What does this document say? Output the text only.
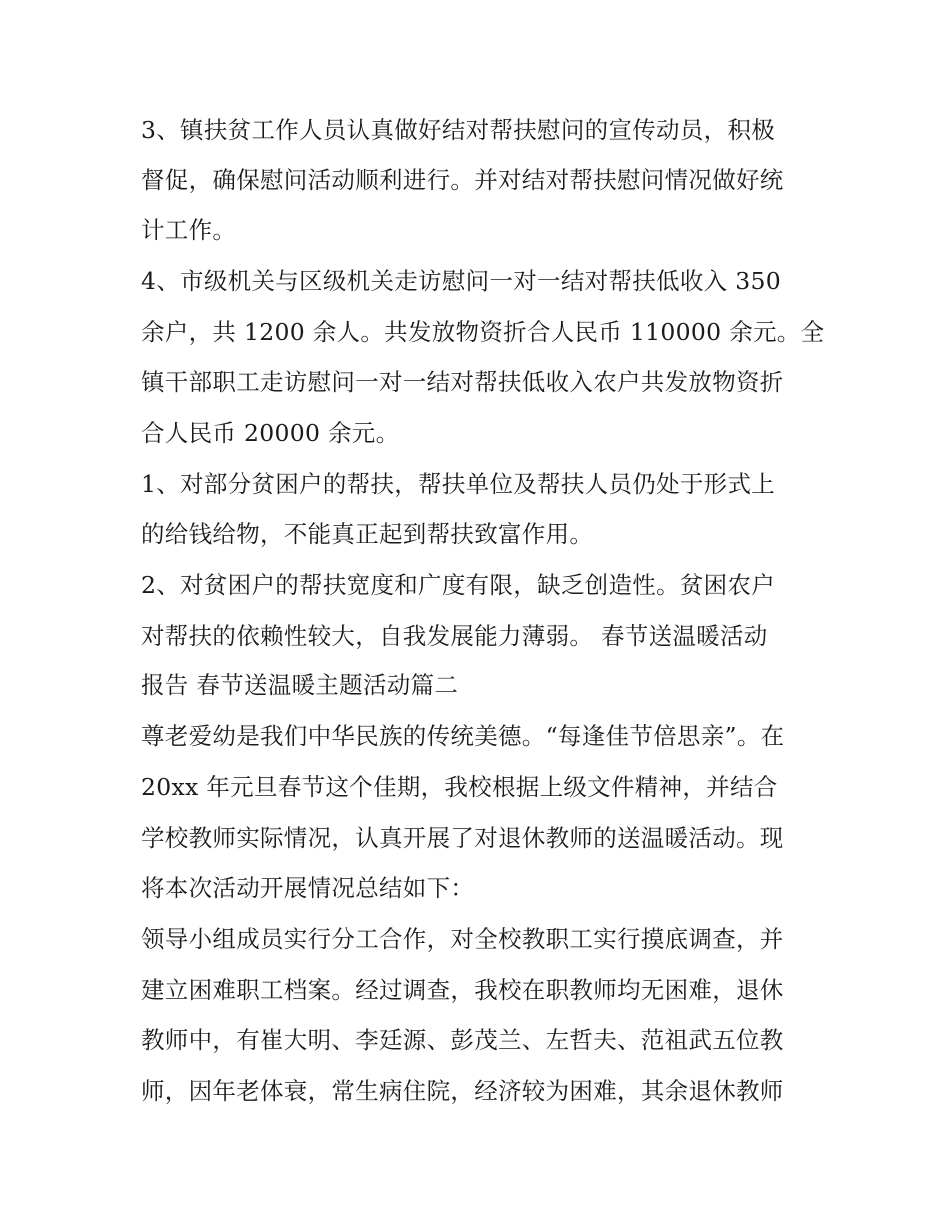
3、镇扶贫工作人员认真做好结对帮扶慰问的宣传动员，积极
督促，确保慰问活动顺利进行。并对结对帮扶慰问情况做好统
计工作。
4、市级机关与区级机关走访慰问一对一结对帮扶低收入 350
余户，共 1200 余人。共发放物资折合人民币 110000 余元。全
镇干部职工走访慰问一对一结对帮扶低收入农户共发放物资折
合人民币 20000 余元。
1、对部分贫困户的帮扶，帮扶单位及帮扶人员仍处于形式上
的给钱给物，不能真正起到帮扶致富作用。
2、对贫困户的帮扶宽度和广度有限，缺乏创造性。贫困农户
对帮扶的依赖性较大，自我发展能力薄弱。 春节送温暖活动
报告 春节送温暖主题活动篇二
尊老爱幼是我们中华民族的传统美德。“每逢佳节倍思亲”。在
20xx 年元旦春节这个佳期，我校根据上级文件精神，并结合
学校教师实际情况，认真开展了对退休教师的送温暖活动。现
将本次活动开展情况总结如下：
领导小组成员实行分工合作，对全校教职工实行摸底调查，并
建立困难职工档案。经过调查，我校在职教师均无困难，退休
教师中，有崔大明、李廷源、彭茂兰、左哲夫、范祖武五位教
师，因年老体衰，常生病住院，经济较为困难，其余退休教师
